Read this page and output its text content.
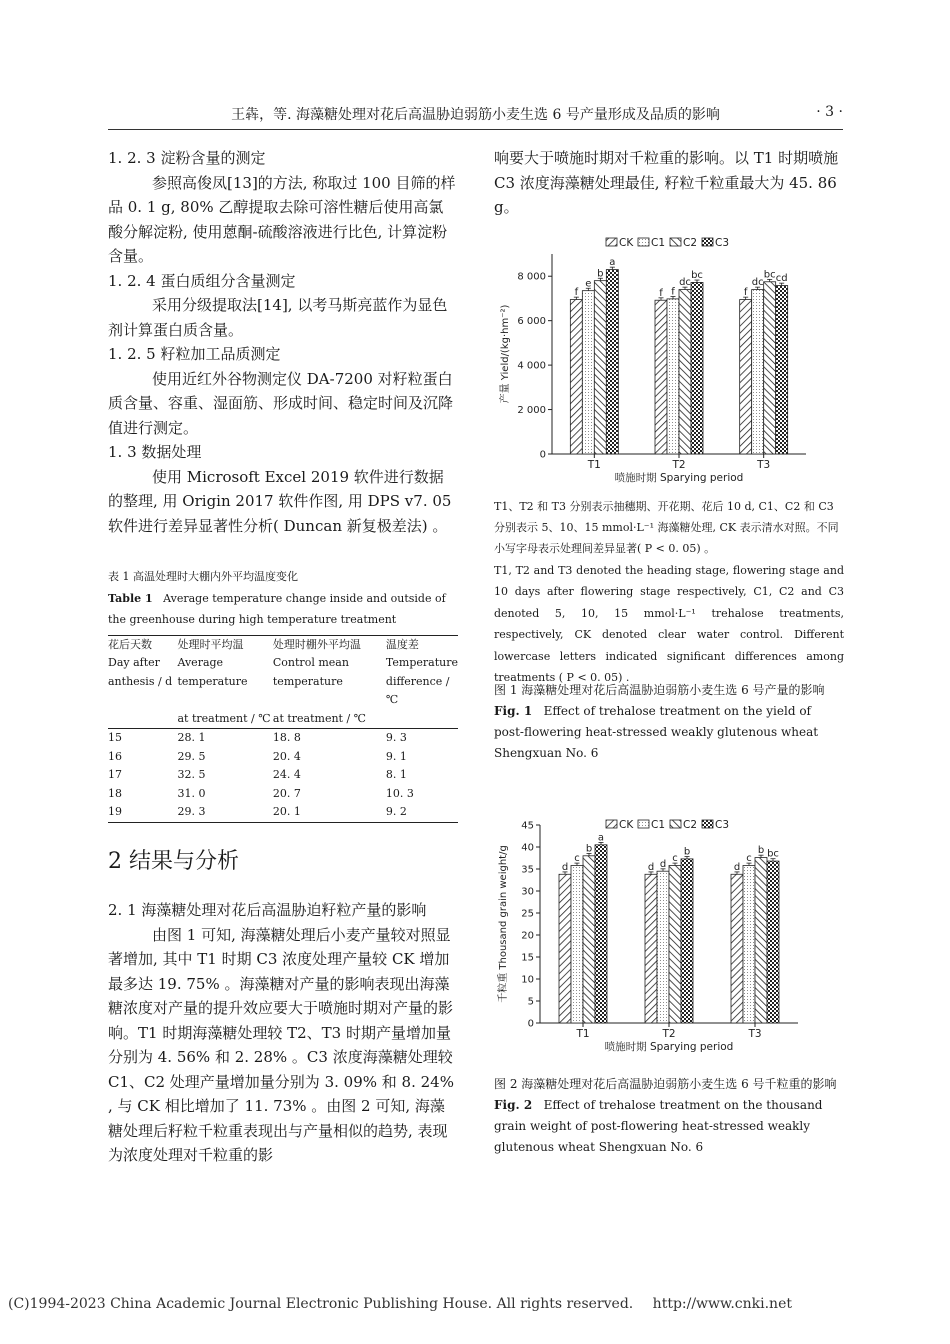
王犇，等. 海藻糖处理对花后高温胁迫弱筋小麦生选 6 号产量形成及品质的影响	· 3 ·

1. 2. 3 淀粉含量的测定

参照高俊凤[13]的方法, 称取过 100 目筛的样品 0. 1 g, 80% 乙醇提取去除可溶性糖后使用高氯酸分解淀粉, 使用蒽酮-硫酸溶液进行比色, 计算淀粉含量。

1. 2. 4 蛋白质组分含量测定

采用分级提取法[14], 以考马斯亮蓝作为显色剂计算蛋白质含量。

1. 2. 5 籽粒加工品质测定

使用近红外谷物测定仪 DA-7200 对籽粒蛋白质含量、容重、湿面筋、形成时间、稳定时间及沉降值进行测定。

1. 3 数据处理

使用 Microsoft Excel 2019 软件进行数据的整理, 用 Origin 2017 软件作图, 用 DPS v7. 05 软件进行差异显著性分析( Duncan 新复极差法) 。

表 1 高温处理时大棚内外平均温度变化
Table 1 Average temperature change inside and outside of the greenhouse during high temperature treatment
花后天数	处理时平均温	处理时棚外平均温	温度差
Day after	Average	Control mean	Temperature
anthesis / d	temperature	temperature	difference / ℃
	at treatment / ℃	at treatment / ℃	
15	28. 1	18. 8	9. 3
16	29. 5	20. 4	9. 1
17	32. 5	24. 4	8. 1
18	31. 0	20. 7	10. 3
19	29. 3	20. 1	9. 2
2 结果与分析

2. 1 海藻糖处理对花后高温胁迫籽粒产量的影响

由图 1 可知, 海藻糖处理后小麦产量较对照显著增加, 其中 T1 时期 C3 浓度处理产量较 CK 增加最多达 19. 75% 。海藻糖对产量的影响表现出海藻糖浓度对产量的提升效应要大于喷施时期对产量的影响。T1 时期海藻糖处理较 T2、T3 时期产量增加量分别为 4. 56% 和 2. 28% 。C3 浓度海藻糖处理较 C1、C2 处理产量增加量分别为 3. 09% 和 8. 24% , 与 CK 相比增加了 11. 73% 。由图 2 可知, 海藻糖处理后籽粒千粒重表现出与产量相似的趋势, 表现为浓度处理对千粒重的影

响要大于喷施时期对千粒重的影响。以 T1 时期喷施 C3 浓度海藻糖处理最佳, 籽粒千粒重最大为 45. 86 g。
CK C1 C2 C3
0
2 000
4 000
6 000
8 000
产量 Yield/(kg·hm⁻²)
f
e
b
a
T1
f f
dc
bc
T2
f
dc
bc cd
T3
喷施时期 Sparying period
T1、T2 和 T3 分别表示抽穗期、开花期、花后 10 d, C1、C2 和 C3 分别表示 5、10、15 mmol·L⁻¹ 海藻糖处理, CK 表示清水对照。不同小写字母表示处理间差异显著( P < 0. 05) 。
T1, T2 and T3 denoted the heading stage, flowering stage and 10 days after flowering stage respectively, C1, C2 and C3 denoted 5, 10, 15 mmol·L⁻¹ trehalose treatments, respectively, CK denoted clear water control. Different lowercase letters indicated significant differences among treatments ( P < 0. 05) .
图 1 海藻糖处理对花后高温胁迫弱筋小麦生选 6 号产量的影响
Fig. 1 Effect of trehalose treatment on the yield of post-flowering heat-stressed weakly glutenous wheat Shengxuan No. 6
CK C1 C2 C3
0
5
10
15
20
25
30
35
40
45
千粒重 Thousand grain weight/g	d
c
b
a
T1
d d
c
b
T2
d
c
b bc
T3
喷施时期 Sparying period
图 2 海藻糖处理对花后高温胁迫弱筋小麦生选 6 号千粒重的影响
Fig. 2 Effect of trehalose treatment on the thousand grain weight of post-flowering heat-stressed weakly glutenous wheat Shengxuan No. 6
(C)1994-2023 China Academic Journal Electronic Publishing House. All rights reserved. http://www.cnki.net
